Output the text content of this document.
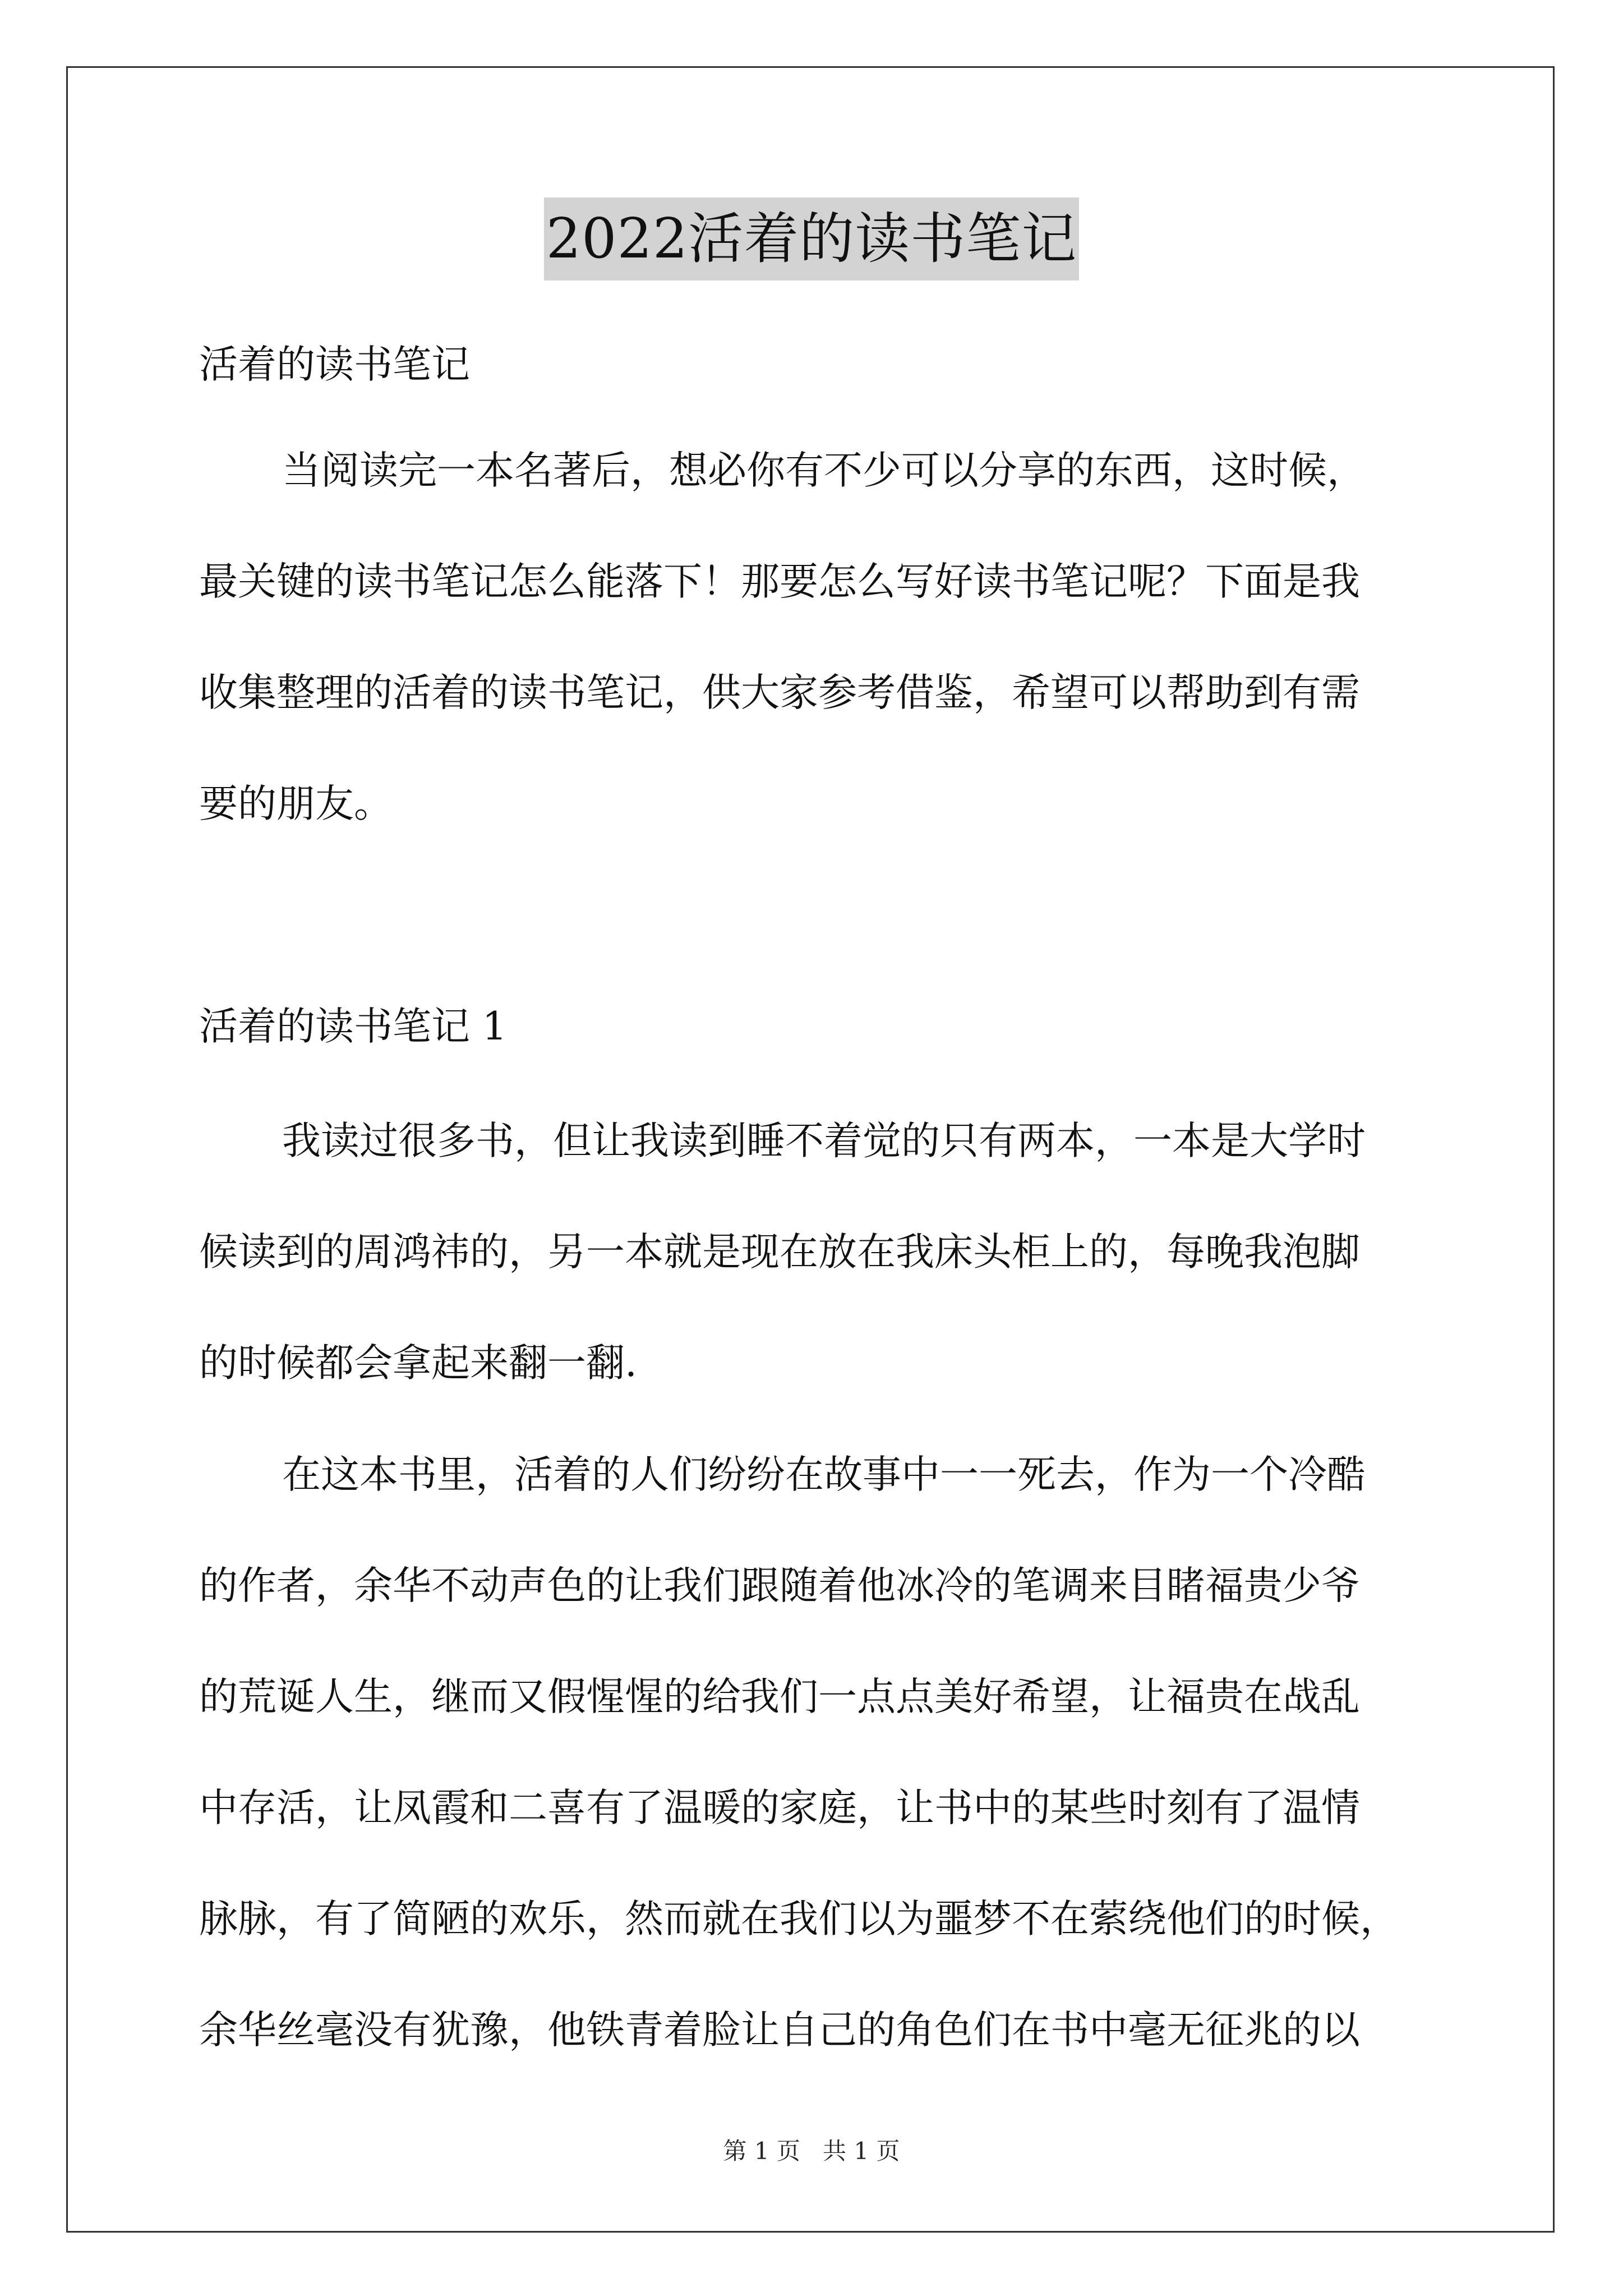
2022活着的读书笔记

活着的读书笔记

当阅读完一本名著后，想必你有不少可以分享的东西，这时候，
最关键的读书笔记怎么能落下！那要怎么写好读书笔记呢？下面是我
收集整理的活着的读书笔记，供大家参考借鉴，希望可以帮助到有需
要的朋友。

活着的读书笔记 1

我读过很多书，但让我读到睡不着觉的只有两本，一本是大学时
候读到的周鸿祎的，另一本就是现在放在我床头柜上的，每晚我泡脚
的时候都会拿起来翻一翻.
在这本书里，活着的人们纷纷在故事中一一死去，作为一个冷酷
的作者，余华不动声色的让我们跟随着他冰冷的笔调来目睹福贵少爷
的荒诞人生，继而又假惺惺的给我们一点点美好希望，让福贵在战乱
中存活，让凤霞和二喜有了温暖的家庭，让书中的某些时刻有了温情
脉脉，有了简陋的欢乐，然而就在我们以为噩梦不在萦绕他们的时候，
余华丝毫没有犹豫，他铁青着脸让自己的角色们在书中毫无征兆的以
第 1 页   共 1 页
